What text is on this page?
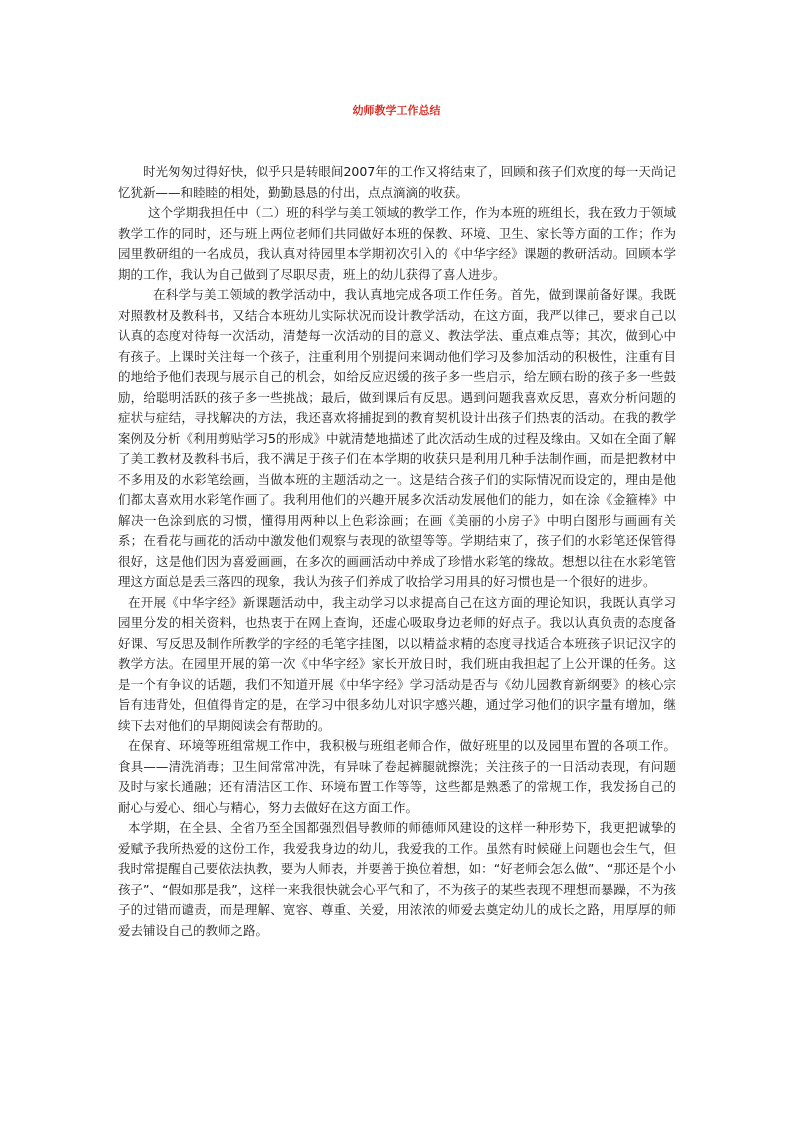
幼师教学工作总结

时光匆匆过得好快，似乎只是转眼间2007年的工作又将结束了，回顾和孩子们欢度的每一天尚记忆犹新——和睦睦的相处，勤勤恳恳的付出，点点滴滴的收获。

这个学期我担任中（二）班的科学与美工领域的教学工作，作为本班的班组长，我在致力于领域教学工作的同时，还与班上两位老师们共同做好本班的保教、环境、卫生、家长等方面的工作；作为园里教研组的一名成员，我认真对待园里本学期初次引入的《中华字经》课题的教研活动。回顾本学期的工作，我认为自己做到了尽职尽责，班上的幼儿获得了喜人进步。

在科学与美工领域的教学活动中，我认真地完成各项工作任务。首先，做到课前备好课。我既对照教材及教科书，又结合本班幼儿实际状况而设计教学活动，在这方面，我严以律己，要求自己以认真的态度对待每一次活动，清楚每一次活动的目的意义、教法学法、重点难点等；其次，做到心中有孩子。上课时关注每一个孩子，注重利用个别提问来调动他们学习及参加活动的积极性，注重有目的地给予他们表现与展示自己的机会，如给反应迟缓的孩子多一些启示，给左顾右盼的孩子多一些鼓励，给聪明活跃的孩子多一些挑战；最后，做到课后有反思。遇到问题我喜欢反思，喜欢分析问题的症状与症结，寻找解决的方法，我还喜欢将捕捉到的教育契机设计出孩子们热衷的活动。在我的教学案例及分析《利用剪贴学习5的形成》中就清楚地描述了此次活动生成的过程及缘由。又如在全面了解了美工教材及教科书后，我不满足于孩子们在本学期的收获只是利用几种手法制作画，而是把教材中不多用及的水彩笔绘画，当做本班的主题活动之一。这是结合孩子们的实际情况而设定的，理由是他们都太喜欢用水彩笔作画了。我利用他们的兴趣开展多次活动发展他们的能力，如在涂《金箍棒》中解决一色涂到底的习惯，懂得用两种以上色彩涂画；在画《美丽的小房子》中明白图形与画画有关系；在看花与画花的活动中激发他们观察与表现的欲望等等。学期结束了，孩子们的水彩笔还保管得很好，这是他们因为喜爱画画，在多次的画画活动中养成了珍惜水彩笔的缘故。想想以往在水彩笔管理这方面总是丢三落四的现象，我认为孩子们养成了收拾学习用具的好习惯也是一个很好的进步。

在开展《中华字经》新课题活动中，我主动学习以求提高自己在这方面的理论知识，我既认真学习园里分发的相关资料，也热衷于在网上查询，还虚心吸取身边老师的好点子。我以认真负责的态度备好课、写反思及制作所教学的字经的毛笔字挂图，以以精益求精的态度寻找适合本班孩子识记汉字的教学方法。在园里开展的第一次《中华字经》家长开放日时，我们班由我担起了上公开课的任务。这是一个有争议的话题，我们不知道开展《中华字经》学习活动是否与《幼儿园教育新纲要》的核心宗旨有违背处，但值得肯定的是，在学习中很多幼儿对识字感兴趣，通过学习他们的识字量有增加，继续下去对他们的早期阅读会有帮助的。

在保育、环境等班组常规工作中，我积极与班组老师合作，做好班里的以及园里布置的各项工作。食具——清洗消毒；卫生间常常冲洗，有异味了卷起裤腿就擦洗；关注孩子的一日活动表现，有问题及时与家长通融；还有清洁区工作、环境布置工作等等，这些都是熟悉了的常规工作，我发扬自己的耐心与爱心、细心与精心，努力去做好在这方面工作。

本学期，在全县、全省乃至全国都强烈倡导教师的师德师风建设的这样一种形势下，我更把诚挚的爱赋予我所热爱的这份工作，我爱我身边的幼儿，我爱我的工作。虽然有时候碰上问题也会生气，但我时常提醒自己要依法执教，要为人师表，并要善于换位着想，如：“好老师会怎么做”、“那还是个小孩子”、“假如那是我”，这样一来我很快就会心平气和了，不为孩子的某些表现不理想而暴躁，不为孩子的过错而谴责，而是理解、宽容、尊重、关爱，用浓浓的师爱去奠定幼儿的成长之路，用厚厚的师爱去铺设自己的教师之路。
